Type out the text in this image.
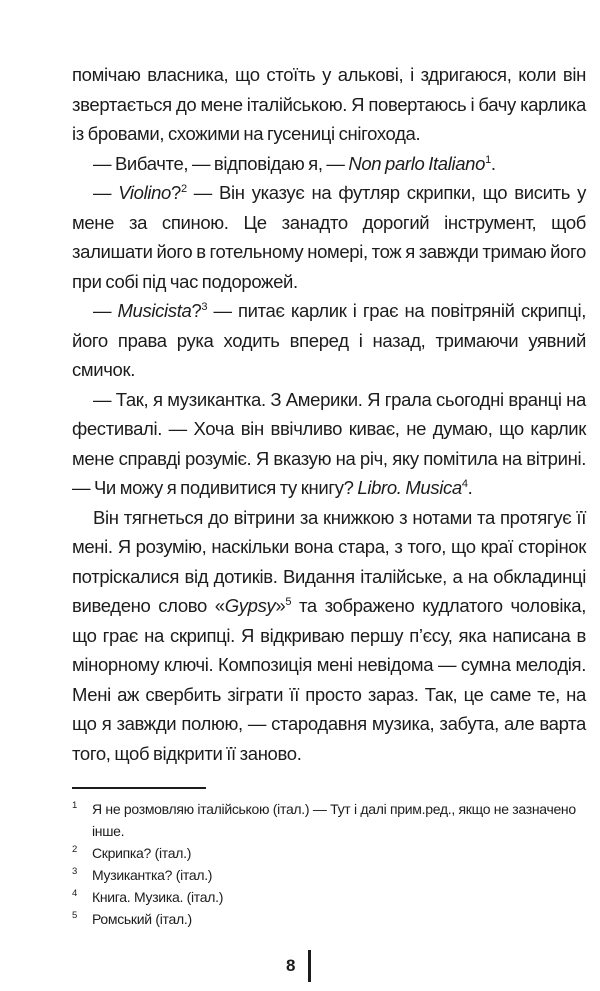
помічаю власника, що стоїть у альковi, і здригаюся, коли він звертається до мене італійською. Я повертаюсь і бачу карлика із бровами, схожими на гусениці снігохода.

— Вибачте, — відповідаю я, — Non parlo Italiano$^1$.

— Violino?$^2$ — Він указує на футляр скрипки, що висить у мене за спиною. Це занадто дорогий інструмент, щоб залишати його в готельному номері, тож я завжди тримаю його при собі під час подорожей.

— Musicista?$^3$ — питає карлик і грає на повітряній скрипці, його права рука ходить вперед і назад, тримаючи уявний смичок.

— Так, я музикантка. З Америки. Я грала сьогодні вранці на фестивалі. — Хоча він ввічливо киває, не думаю, що карлик мене справді розуміє. Я вказую на річ, яку помітила на вітрині. — Чи можу я подивитися ту книгу? Libro. Musica$^4$.

Він тягнеться до вітрини за книжкою з нотами та протягує її мені. Я розумію, наскільки вона стара, з того, що краї сторінок потріскалися від дотиків. Видання італійське, а на обкладинці виведено слово «Gypsy»$^5$ та зображено кудлатого чоловіка, що грає на скрипці. Я відкриваю першу п’єсу, яка написана в мінорному ключі. Композиція мені невідома — сумна мелодія. Мені аж свербить зіграти її просто зараз. Так, це саме те, на що я завжди полюю, — стародавня музика, забута, але варта того, щоб відкрити її заново.

1 Я не розмовляю італійською (італ.) — Тут і далі прим.ред., якщо не зазначено інше.
2 Скрипка? (італ.)
3 Музикантка? (італ.)
4 Книга. Музика. (італ.)
5 Ромський (італ.)
8
